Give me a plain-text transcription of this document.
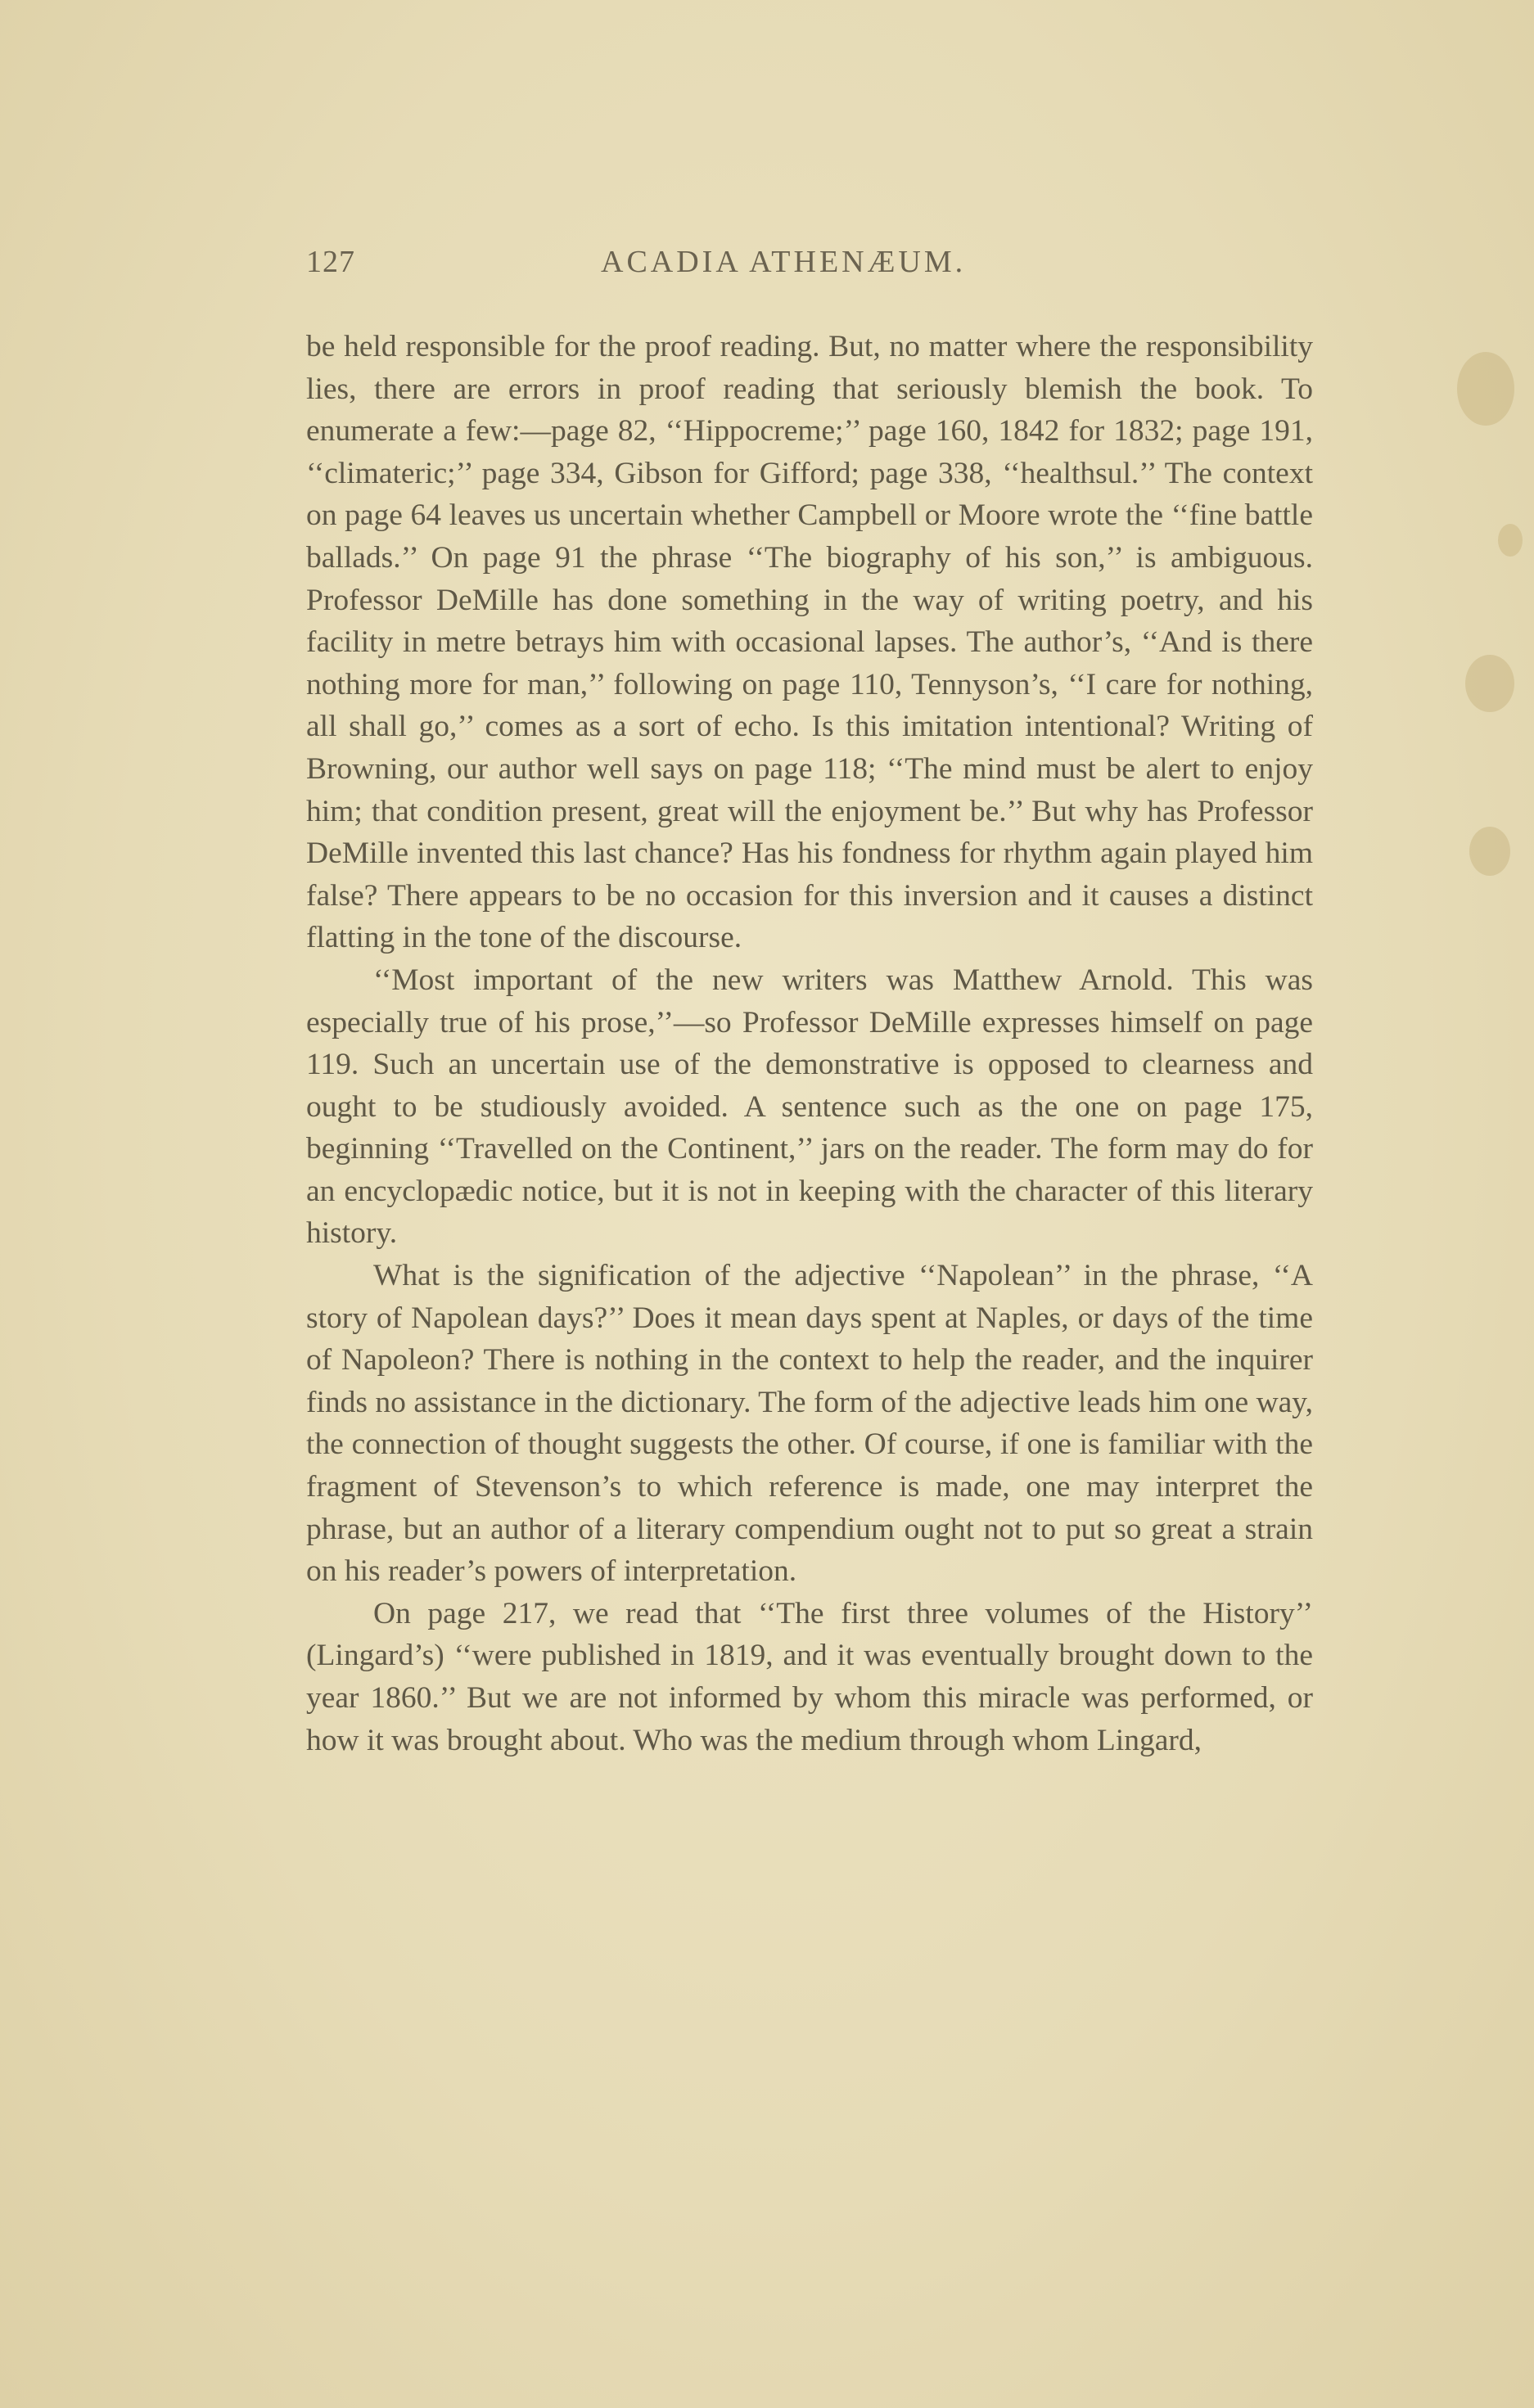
127	ACADIA ATHENÆUM.

be held responsible for the proof reading. But, no matter where the responsibility lies, there are errors in proof reading that seriously blemish the book. To enumerate a few:—page 82, ‘‘Hippocreme;’’ page 160, 1842 for 1832; page 191, ‘‘climateric;’’ page 334, Gibson for Gifford; page 338, ‘‘healthsul.’’ The context on page 64 leaves us uncertain whether Campbell or Moore wrote the ‘‘fine battle ballads.’’ On page 91 the phrase ‘‘The biography of his son,’’ is ambiguous. Professor DeMille has done something in the way of writing poetry, and his facility in metre betrays him with occasional lapses. The author’s, ‘‘And is there nothing more for man,’’ following on page 110, Tennyson’s, ‘‘I care for nothing, all shall go,’’ comes as a sort of echo. Is this imitation intentional? Writing of Browning, our author well says on page 118; ‘‘The mind must be alert to enjoy him; that condition present, great will the enjoyment be.’’ But why has Professor DeMille invented this last chance? Has his fondness for rhythm again played him false? There appears to be no occasion for this inversion and it causes a distinct flatting in the tone of the discourse.

‘‘Most important of the new writers was Matthew Arnold. This was especially true of his prose,’’—so Professor DeMille expresses himself on page 119. Such an uncertain use of the demonstrative is opposed to clearness and ought to be studiously avoided. A sentence such as the one on page 175, beginning ‘‘Travelled on the Continent,’’ jars on the reader. The form may do for an encyclopædic notice, but it is not in keeping with the character of this literary history.

What is the signification of the adjective ‘‘Napolean’’ in the phrase, ‘‘A story of Napolean days?’’ Does it mean days spent at Naples, or days of the time of Napoleon? There is nothing in the context to help the reader, and the inquirer finds no assistance in the dictionary. The form of the adjective leads him one way, the connection of thought suggests the other. Of course, if one is familiar with the fragment of Stevenson’s to which reference is made, one may interpret the phrase, but an author of a literary compendium ought not to put so great a strain on his reader’s powers of interpretation.

On page 217, we read that ‘‘The first three volumes of the History’’ (Lingard’s) ‘‘were published in 1819, and it was eventually brought down to the year 1860.’’ But we are not informed by whom this miracle was performed, or how it was brought about. Who was the medium through whom Lingard,
